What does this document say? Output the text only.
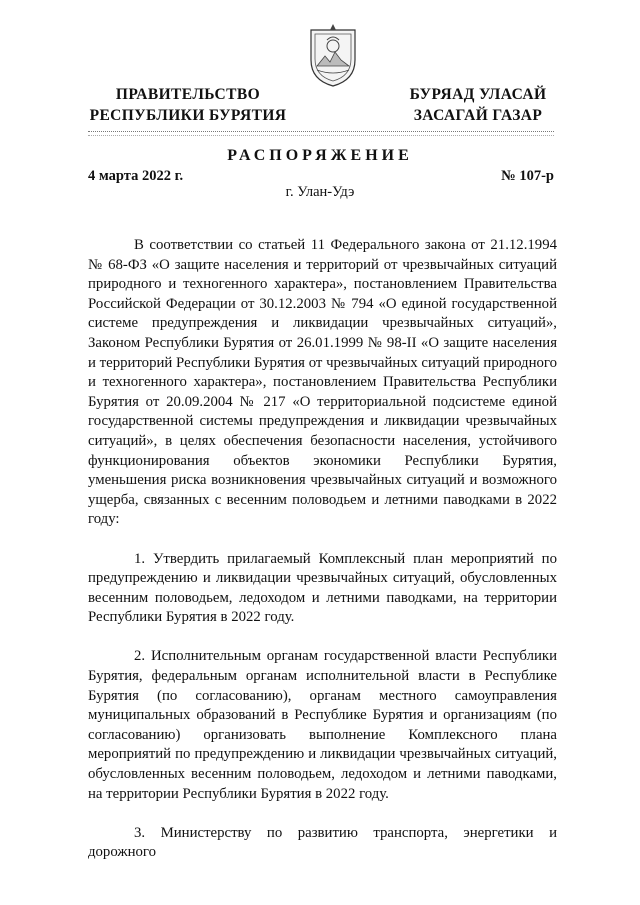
ПРАВИТЕЛЬСТВО
РЕСПУБЛИКИ БУРЯТИЯ
БУРЯАД УЛАСАЙ
ЗАСАГАЙ ГАЗАР
РАСПОРЯЖЕНИЕ
4 марта 2022 г.	№ 107-р
г. Улан-Удэ

В соответствии со статьей 11 Федерального закона от 21.12.1994 № 68-ФЗ «О защите населения и территорий от чрезвычайных ситуаций природного и техногенного характера», постановлением Правительства Российской Федерации от 30.12.2003 № 794 «О единой государственной системе предупреждения и ликвидации чрезвычайных ситуаций», Законом Республики Бурятия от 26.01.1999 № 98-II «О защите населения и территорий Республики Бурятия от чрезвычайных ситуаций природного и техногенного характера», постановлением Правительства Республики Бурятия от 20.09.2004 № 217 «О территориальной подсистеме единой государственной системы предупреждения и ликвидации чрезвычайных ситуаций», в целях обеспечения безопасности населения, устойчивого функционирования объектов экономики Республики Бурятия, уменьшения риска возникновения чрезвычайных ситуаций и возможного ущерба, связанных с весенним половодьем и летними паводками в 2022 году:

1. Утвердить прилагаемый Комплексный план мероприятий по предупреждению и ликвидации чрезвычайных ситуаций, обусловленных весенним половодьем, ледоходом и летними паводками, на территории Республики Бурятия в 2022 году.

2. Исполнительным органам государственной власти Республики Бурятия, федеральным органам исполнительной власти в Республике Бурятия (по согласованию), органам местного самоуправления муниципальных образований в Республике Бурятия и организациям (по согласованию) организовать выполнение Комплексного плана мероприятий по предупреждению и ликвидации чрезвычайных ситуаций, обусловленных весенним половодьем, ледоходом и летними паводками, на территории Республики Бурятия в 2022 году.

3. Министерству по развитию транспорта, энергетики и дорожного
